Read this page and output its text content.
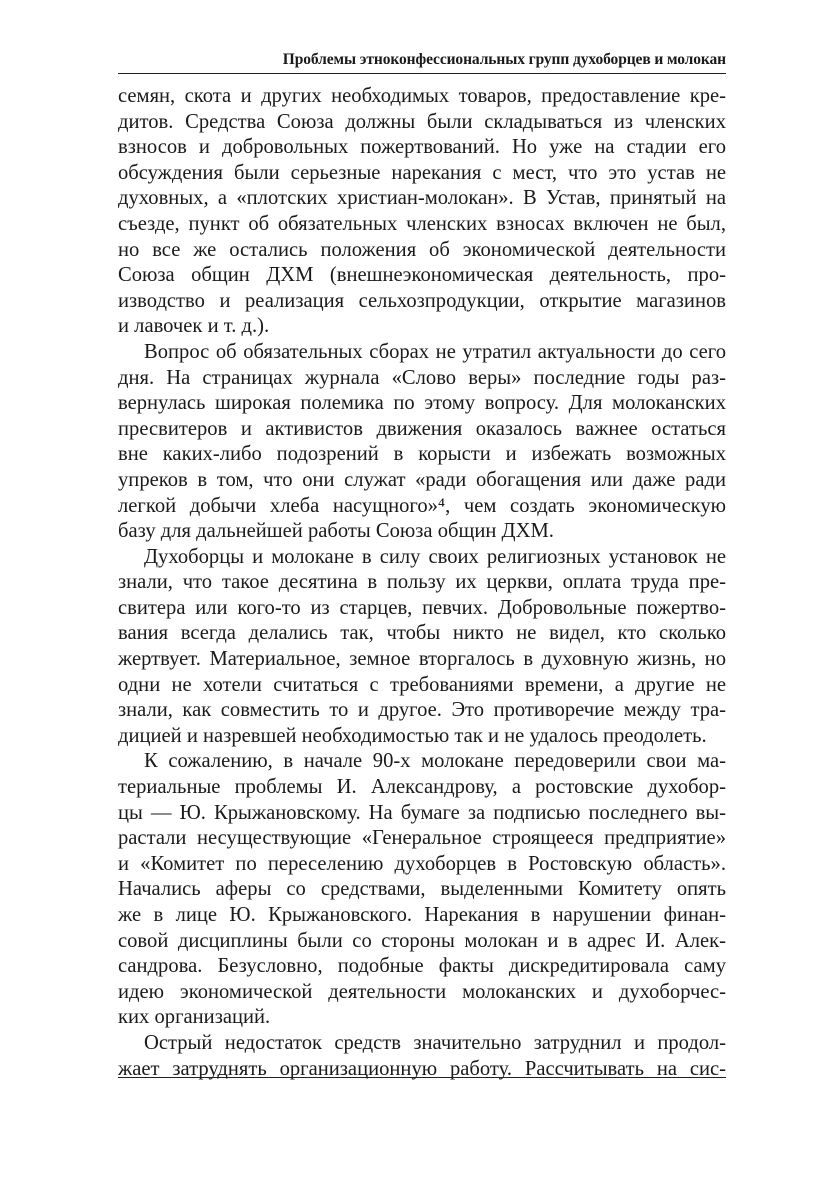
Проблемы этноконфессиональных групп духоборцев и молокан
семян, скота и других необходимых товаров, предоставление кре-
дитов. Средства Союза должны были складываться из членских
взносов и добровольных пожертвований. Но уже на стадии его
обсуждения были серьезные нарекания с мест, что это устав не
духовных, а «плотских христиан-молокан». В Устав, принятый на
съезде, пункт об обязательных членских взносах включен не был,
но все же остались положения об экономической деятельности
Союза общин ДХМ (внешнеэкономическая деятельность, про-
изводство и реализация сельхозпродукции, открытие магазинов
и лавочек и т. д.).
Вопрос об обязательных сборах не утратил актуальности до сего
дня. На страницах журнала «Слово веры» последние годы раз-
вернулась широкая полемика по этому вопросу. Для молоканских
пресвитеров и активистов движения оказалось важнее остаться
вне каких-либо подозрений в корысти и избежать возможных
упреков в том, что они служат «ради обогащения или даже ради
легкой добычи хлеба насущного»⁴, чем создать экономическую
базу для дальнейшей работы Союза общин ДХМ.
Духоборцы и молокане в силу своих религиозных установок не
знали, что такое десятина в пользу их церкви, оплата труда пре-
свитера или кого-то из старцев, певчих. Добровольные пожертво-
вания всегда делались так, чтобы никто не видел, кто сколько
жертвует. Материальное, земное вторгалось в духовную жизнь, но
одни не хотели считаться с требованиями времени, а другие не
знали, как совместить то и другое. Это противоречие между тра-
дицией и назревшей необходимостью так и не удалось преодолеть.
К сожалению, в начале 90-х молокане передоверили свои ма-
териальные проблемы И. Александрову, а ростовские духобор-
цы — Ю. Крыжановскому. На бумаге за подписью последнего вы-
растали несуществующие «Генеральное строящееся предприятие»
и «Комитет по переселению духоборцев в Ростовскую область».
Начались аферы со средствами, выделенными Комитету опять
же в лице Ю. Крыжановского. Нарекания в нарушении финан-
совой дисциплины были со стороны молокан и в адрес И. Алек-
сандрова. Безусловно, подобные факты дискредитировала саму
идею экономической деятельности молоканских и духоборчес-
ких организаций.
Острый недостаток средств значительно затруднил и продол-
жает затруднять организационную работу. Рассчитывать на сис-
